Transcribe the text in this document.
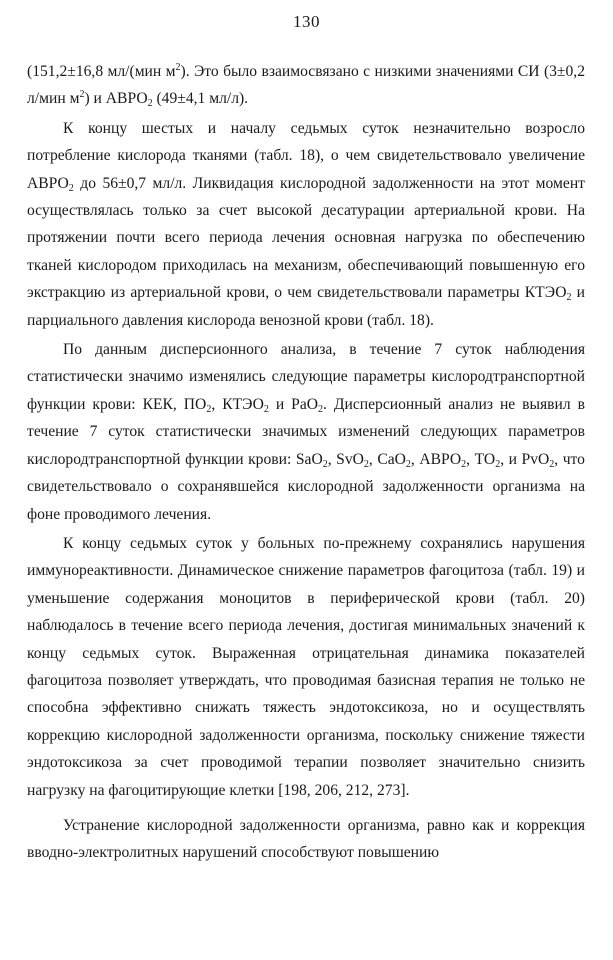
130

(151,2±16,8 мл/(мин $м^2$). Это было взаимосвязано с низкими значениями СИ (3±0,2 л/мин $м^2$) и $АВРО_2$ (49±4,1 мл/л).

К концу шестых и началу седьмых суток незначительно возросло потребление кислорода тканями (табл. 18), о чем свидетельствовало увеличение $АВРО_2$ до 56±0,7 мл/л. Ликвидация кислородной задолженности на этот момент осуществлялась только за счет высокой десатурации артериальной крови. На протяжении почти всего периода лечения основная нагрузка по обеспечению тканей кислородом приходилась на механизм, обеспечивающий повышенную его экстракцию из артериальной крови, о чем свидетельствовали параметры $КТЭО_2$ и парциального давления кислорода венозной крови (табл. 18).

По данным дисперсионного анализа, в течение 7 суток наблюдения статистически значимо изменялись следующие параметры кислородтранспортной функции крови: КЕК, $ПО_2$, $КТЭО_2$ и PaO$_2$. Дисперсионный анализ не выявил в течение 7 суток статистически значимых изменений следующих параметров кислородтранспортной функции крови: SaO$_2$, SvO$_2$, CaO$_2$, $АВРО_2$, $ТО_2$, и PvO$_2$, что свидетельствовало о сохранявшейся кислородной задолженности организма на фоне проводимого лечения.

К концу седьмых суток у больных по-прежнему сохранялись нарушения иммунореактивности. Динамическое снижение параметров фагоцитоза (табл. 19) и уменьшение содержания моноцитов в периферической крови (табл. 20) наблюдалось в течение всего периода лечения, достигая минимальных значений к концу седьмых суток. Выраженная отрицательная динамика показателей фагоцитоза позволяет утверждать, что проводимая базисная терапия не только не способна эффективно снижать тяжесть эндотоксикоза, но и осуществлять коррекцию кислородной задолженности организма, поскольку снижение тяжести эндотоксикоза за счет проводимой терапии позволяет значительно снизить нагрузку на фагоцитирующие клетки [198, 206, 212, 273].

Устранение кислородной задолженности организма, равно как и коррекция вводно-электролитных нарушений способствуют повышению
